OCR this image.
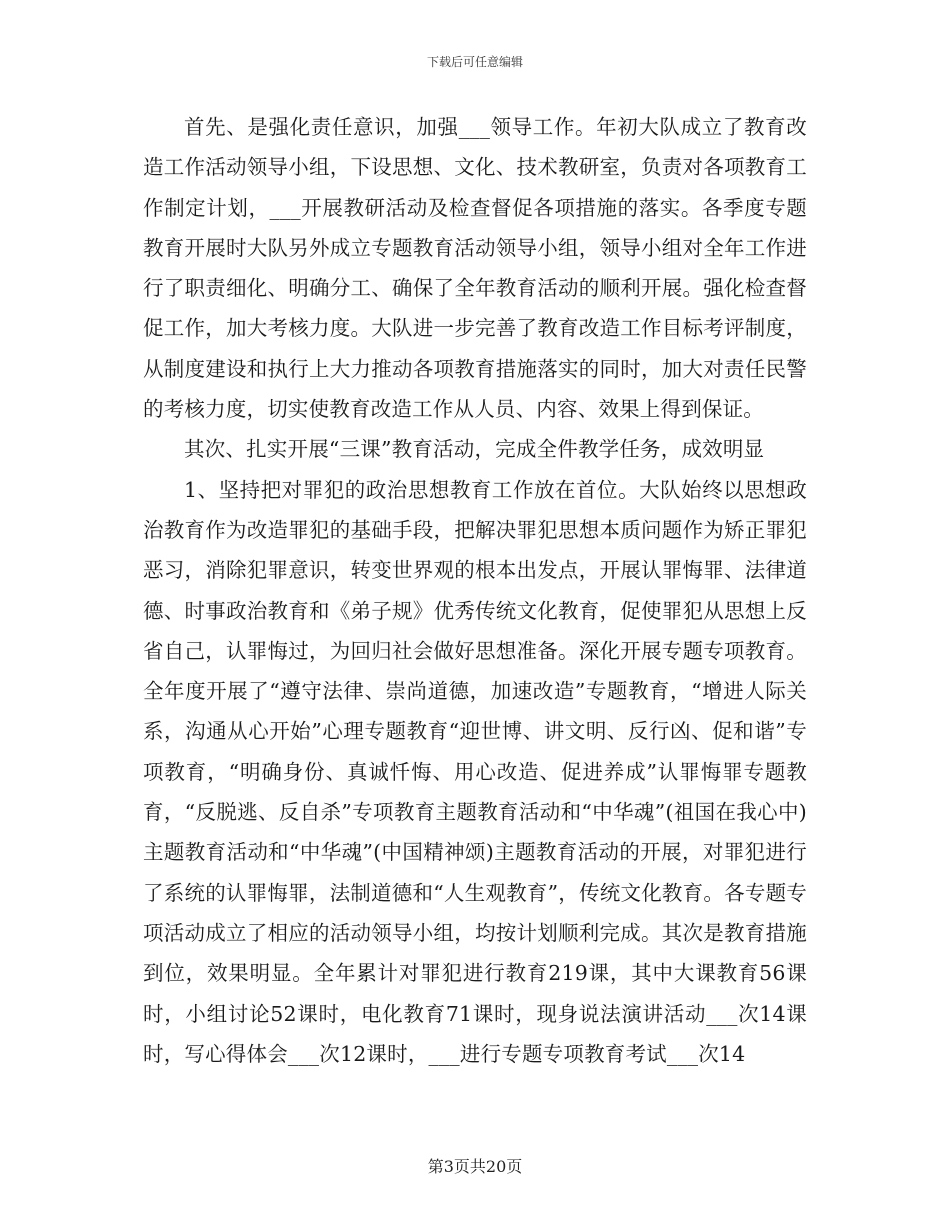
下载后可任意编辑

首先、是强化责任意识，加强___领导工作。年初大队成立了教育改造工作活动领导小组，下设思想、文化、技术教研室，负责对各项教育工作制定计划，___开展教研活动及检查督促各项措施的落实。各季度专题教育开展时大队另外成立专题教育活动领导小组，领导小组对全年工作进行了职责细化、明确分工、确保了全年教育活动的顺利开展。强化检查督促工作，加大考核力度。大队进一步完善了教育改造工作目标考评制度，从制度建设和执行上大力推动各项教育措施落实的同时，加大对责任民警的考核力度，切实使教育改造工作从人员、内容、效果上得到保证。

其次、扎实开展“三课”教育活动，完成全件教学任务，成效明显

1、坚持把对罪犯的政治思想教育工作放在首位。大队始终以思想政治教育作为改造罪犯的基础手段，把解决罪犯思想本质问题作为矫正罪犯恶习，消除犯罪意识，转变世界观的根本出发点，开展认罪悔罪、法律道德、时事政治教育和《弟子规》优秀传统文化教育，促使罪犯从思想上反省自己，认罪悔过，为回归社会做好思想准备。深化开展专题专项教育。全年度开展了“遵守法律、崇尚道德，加速改造”专题教育，“增进人际关系，沟通从心开始”心理专题教育“迎世博、讲文明、反行凶、促和谐”专项教育，“明确身份、真诚忏悔、用心改造、促进养成”认罪悔罪专题教育，“反脱逃、反自杀”专项教育主题教育活动和“中华魂”(祖国在我心中)主题教育活动和“中华魂”(中国精神颂)主题教育活动的开展，对罪犯进行了系统的认罪悔罪，法制道德和“人生观教育”，传统文化教育。各专题专项活动成立了相应的活动领导小组，均按计划顺利完成。其次是教育措施到位，效果明显。全年累计对罪犯进行教育219课，其中大课教育56课时，小组讨论52课时，电化教育71课时，现身说法演讲活动___次14课时，写心得体会___次12课时，___进行专题专项教育考试___次14

第3页共20页
